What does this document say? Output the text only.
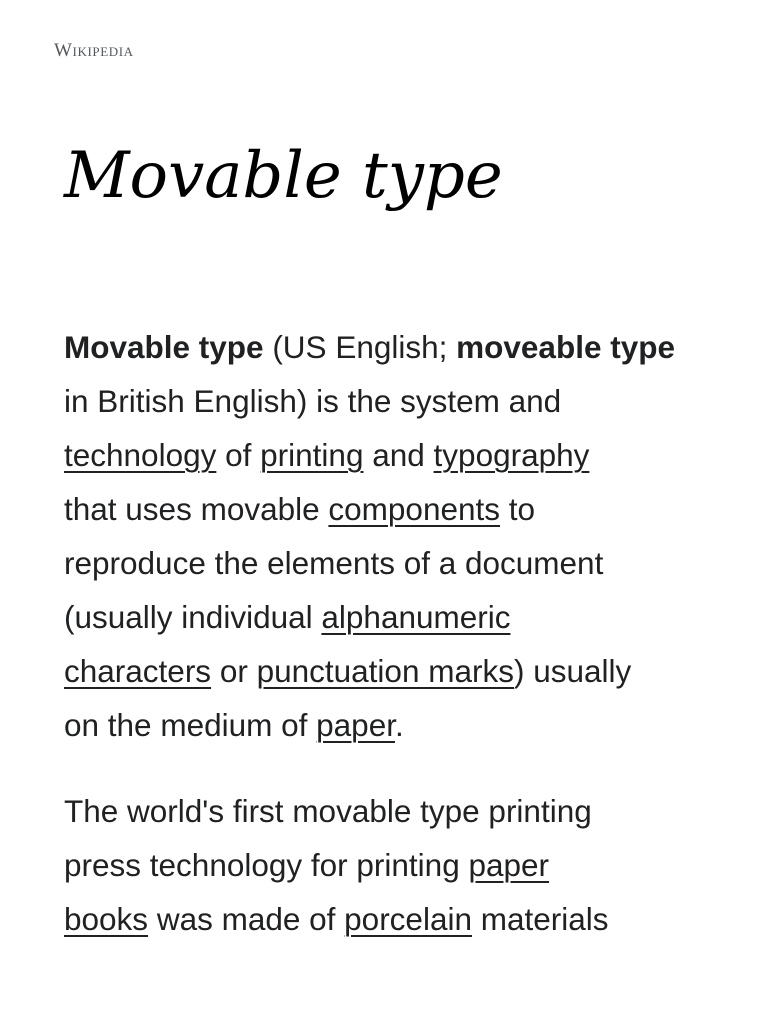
Wikipedia
Movable type

Movable type (US English; moveable type
in British English) is the system and
technology of printing and typography
that uses movable components to
reproduce the elements of a document
(usually individual alphanumeric
characters or punctuation marks) usually
on the medium of paper.

The world's first movable type printing
press technology for printing paper
books was made of porcelain materials
